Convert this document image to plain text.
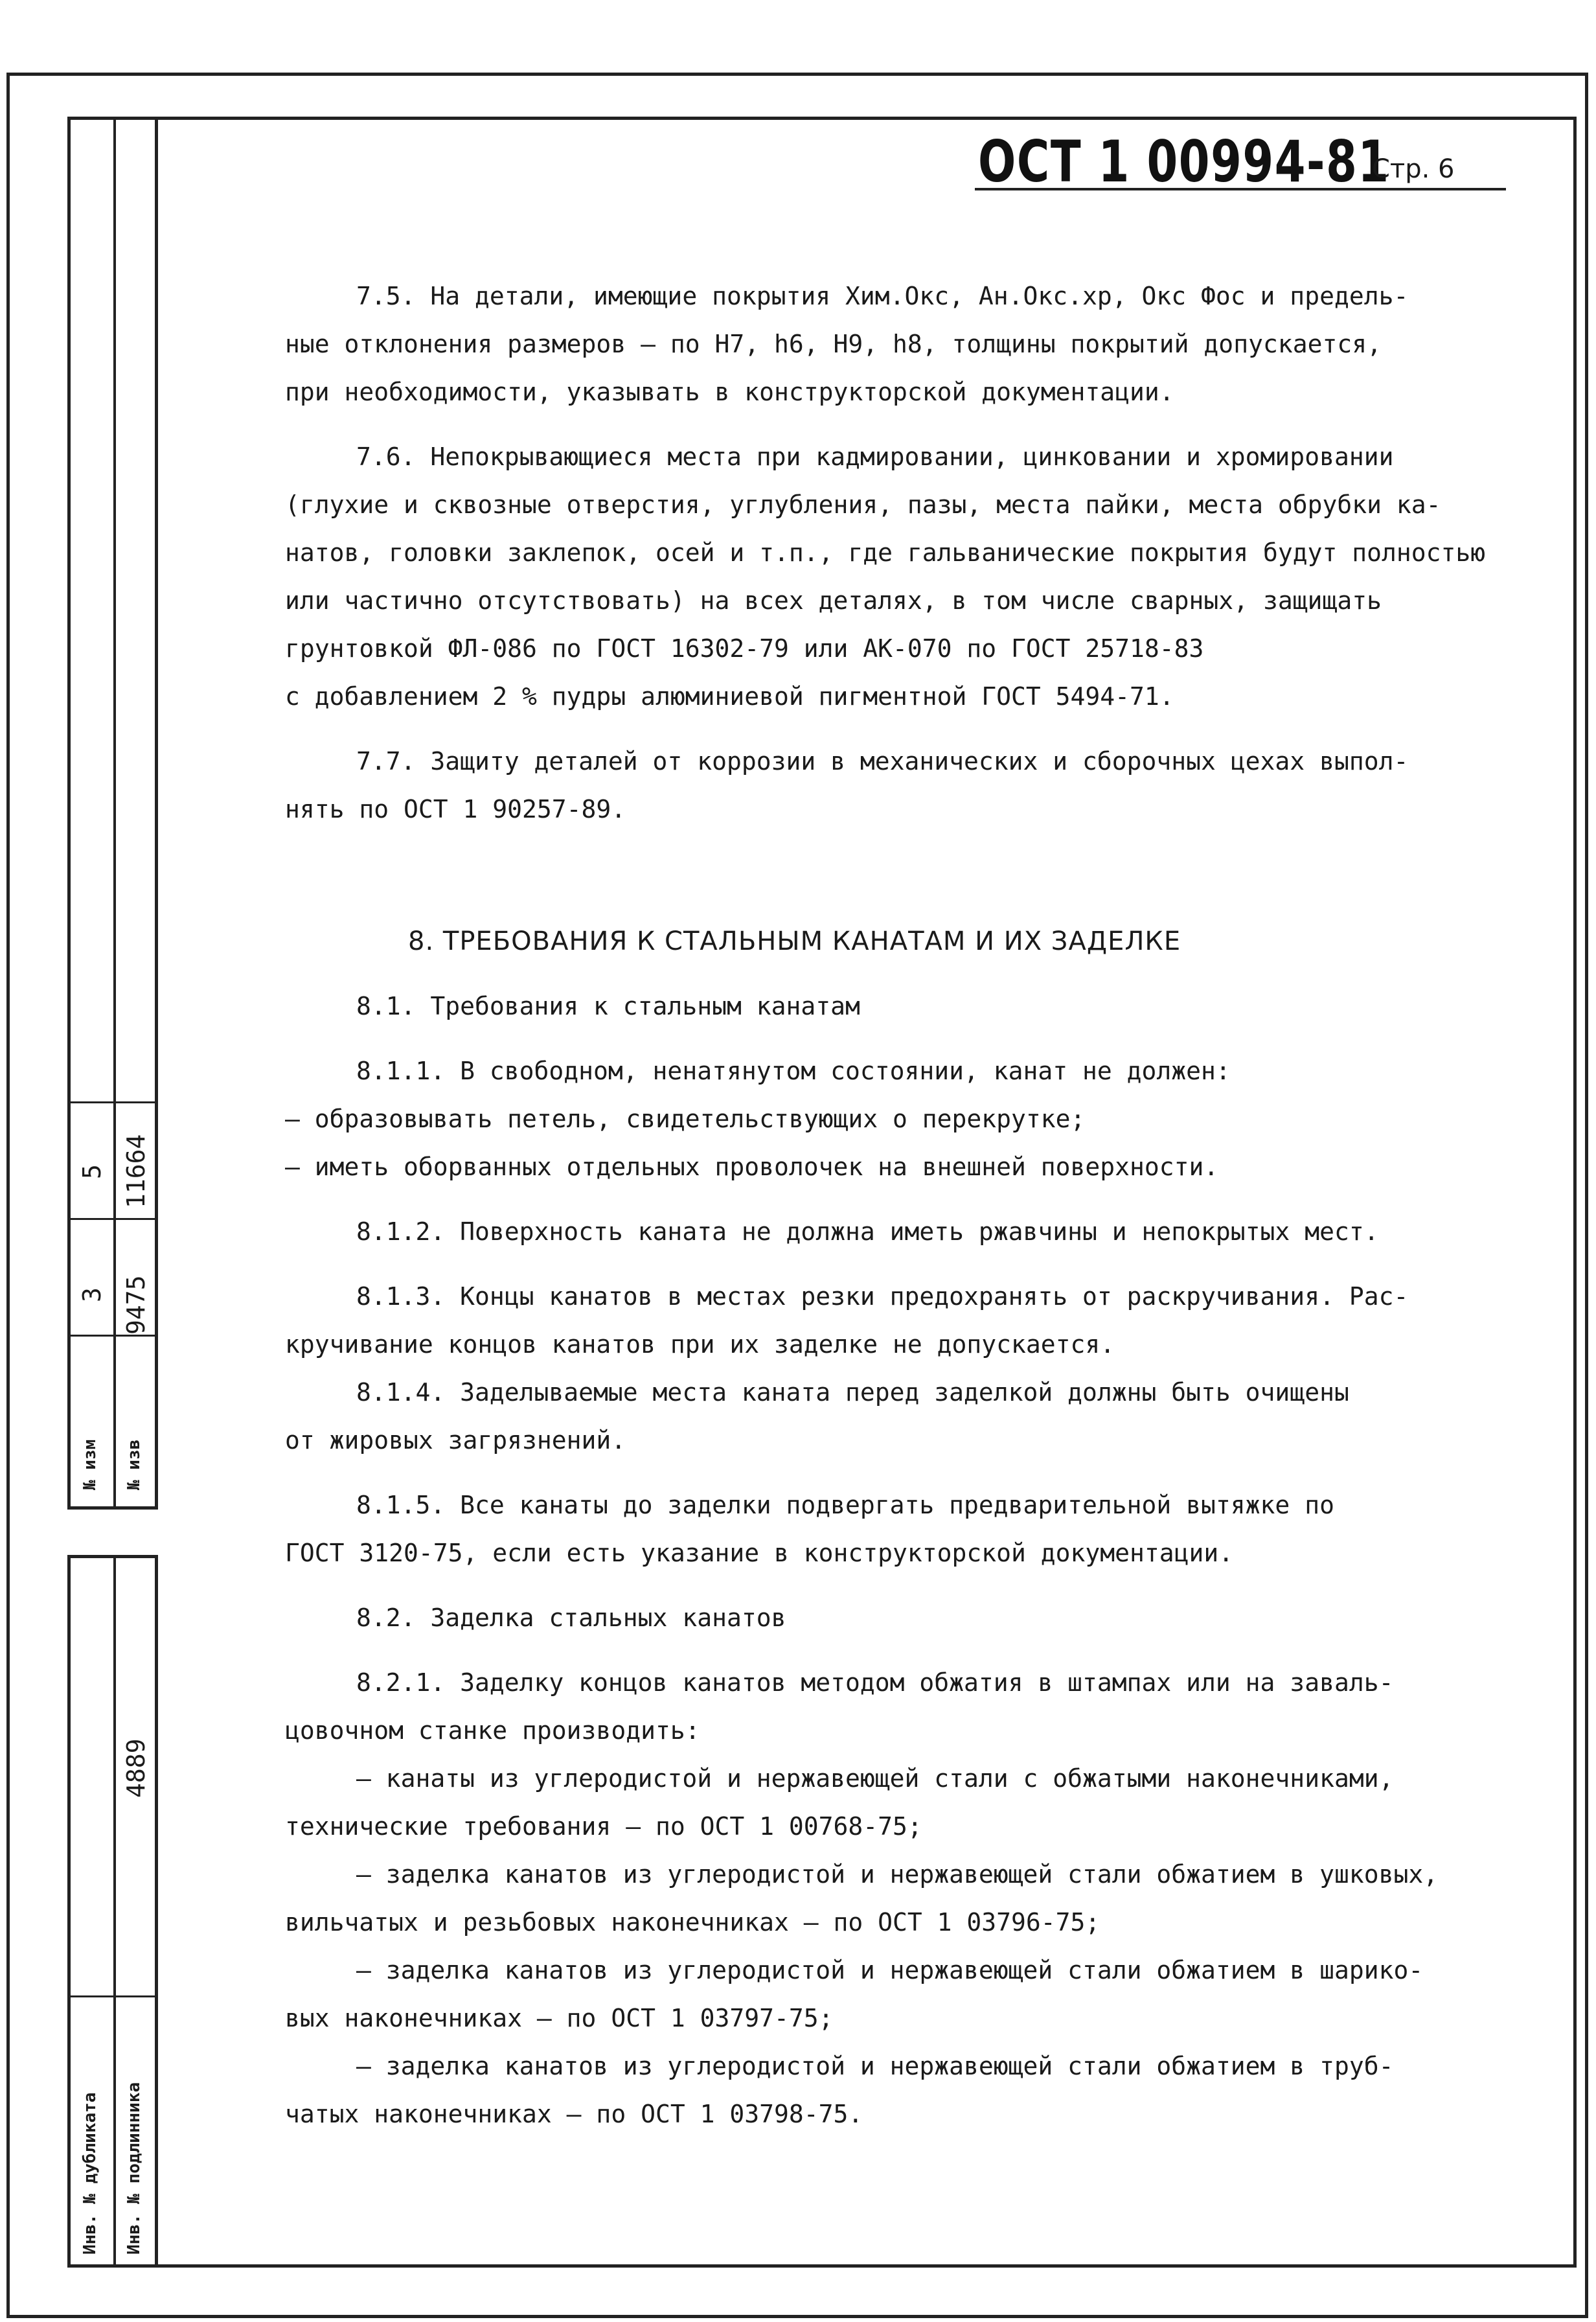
5 11664
3 9475
№ изм № изв
4889
Инв. № дубликата Инв. № подлинника
ОСТ 1 00994-81
Стр. 6
7.5. На детали, имеющие покрытия Хим.Окс, Ан.Окс.хр, Окс Фос и предель-
ные отклонения размеров – по Н7, h6, Н9, h8, толщины покрытий допускается,
при необходимости, указывать в конструкторской документации.
7.6. Непокрывающиеся места при кадмировании, цинковании и хромировании
(глухие и сквозные отверстия, углубления, пазы, места пайки, места обрубки ка-
натов, головки заклепок, осей и т.п., где гальванические покрытия будут полностью
или частично отсутствовать) на всех деталях, в том числе сварных, защищать
грунтовкой ФЛ-086 по ГОСТ 16302-79 или АК-070 по ГОСТ 25718-83
с добавлением 2 % пудры алюминиевой пигментной ГОСТ 5494-71.
7.7. Защиту деталей от коррозии в механических и сборочных цехах выпол-
нять по ОСТ 1 90257-89.
8. ТРЕБОВАНИЯ К СТАЛЬНЫМ КАНАТАМ И ИХ ЗАДЕЛКЕ
8.1. Требования к стальным канатам
8.1.1. В свободном, ненатянутом состоянии, канат не должен:
– образовывать петель, свидетельствующих о перекрутке;
– иметь оборванных отдельных проволочек на внешней поверхности.
8.1.2. Поверхность каната не должна иметь ржавчины и непокрытых мест.
8.1.3. Концы канатов в местах резки предохранять от раскручивания. Рас-
кручивание концов канатов при их заделке не допускается.
8.1.4. Заделываемые места каната перед заделкой должны быть очищены
от жировых загрязнений.
8.1.5. Все канаты до заделки подвергать предварительной вытяжке по
ГОСТ 3120-75, если есть указание в конструкторской документации.
8.2. Заделка стальных канатов
8.2.1. Заделку концов канатов методом обжатия в штампах или на заваль-
цовочном станке производить:
– канаты из углеродистой и нержавеющей стали с обжатыми наконечниками,
технические требования – по ОСТ 1 00768-75;
– заделка канатов из углеродистой и нержавеющей стали обжатием в ушковых,
вильчатых и резьбовых наконечниках – по ОСТ 1 03796-75;
– заделка канатов из углеродистой и нержавеющей стали обжатием в шарико-
вых наконечниках – по ОСТ 1 03797-75;
– заделка канатов из углеродистой и нержавеющей стали обжатием в труб-
чатых наконечниках – по ОСТ 1 03798-75.
